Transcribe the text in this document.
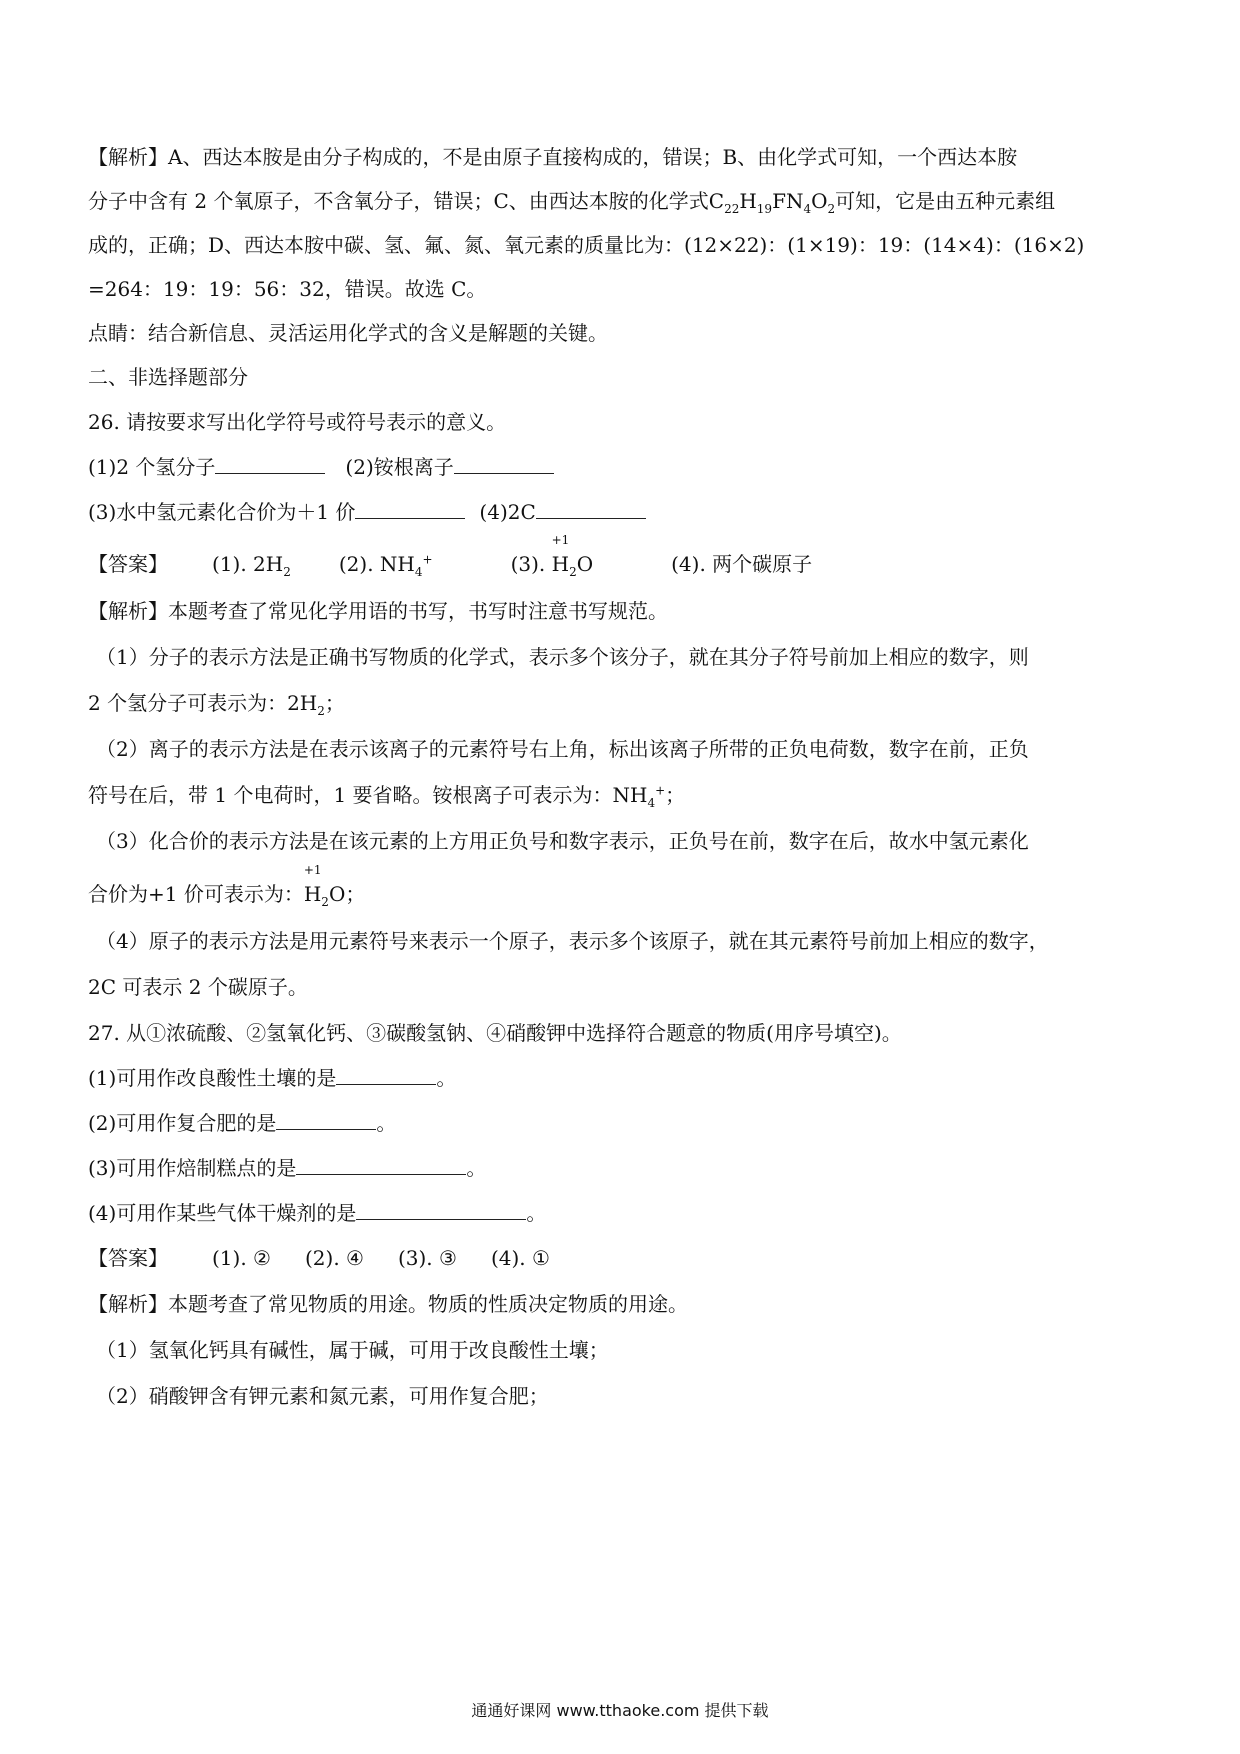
【解析】A、西达本胺是由分子构成的，不是由原子直接构成的，错误；B、由化学式可知，一个西达本胺
分子中含有 2 个氧原子，不含氧分子，错误；C、由西达本胺的化学式$C_{22}H_{19}FN_4O_2$可知，它是由五种元素组
成的，正确；D、西达本胺中碳、氢、氟、氮、氧元素的质量比为：(12×22)：(1×19)：19：(14×4)：(16×2)
=264：19：19：56：32，错误。故选 C。
点睛：结合新信息、灵活运用化学式的含义是解题的关键。
二、非选择题部分
26. 请按要求写出化学符号或符号表示的意义。
(1)2 个氢分子	(2)铵根离子
(3)水中氢元素化合价为＋1 价	(4)2C
【答案】 (1). $2H_2$ (2). $NH_4^+$	(3).
+1
$H_2O$	(4). 两个碳原子
【解析】本题考查了常见化学用语的书写，书写时注意书写规范。
（1）分子的表示方法是正确书写物质的化学式，表示多个该分子，就在其分子符号前加上相应的数字，则
2 个氢分子可表示为：$2H_2$；
（2）离子的表示方法是在表示该离子的元素符号右上角，标出该离子所带的正负电荷数，数字在前，正负
符号在后，带 1 个电荷时，1 要省略。铵根离子可表示为：$NH_4^+$；
（3）化合价的表示方法是在该元素的上方用正负号和数字表示，正负号在前，数字在后，故水中氢元素化
合价为+1 价可表示为：
+1
$H_2O$；
（4）原子的表示方法是用元素符号来表示一个原子，表示多个该原子，就在其元素符号前加上相应的数字，
2C 可表示 2 个碳原子。
27. 从①浓硫酸、②氢氧化钙、③碳酸氢钠、④硝酸钾中选择符合题意的物质(用序号填空)。
(1)可用作改良酸性土壤的是	。
(2)可用作复合肥的是	。
(3)可用作焙制糕点的是	。
(4)可用作某些气体干燥剂的是	。
【答案】 (1). ② (2). ④ (3). ③ (4). ①
【解析】本题考查了常见物质的用途。物质的性质决定物质的用途。
（1）氢氧化钙具有碱性，属于碱，可用于改良酸性土壤；
（2）硝酸钾含有钾元素和氮元素，可用作复合肥；
通通好课网 www.tthaoke.com 提供下载
